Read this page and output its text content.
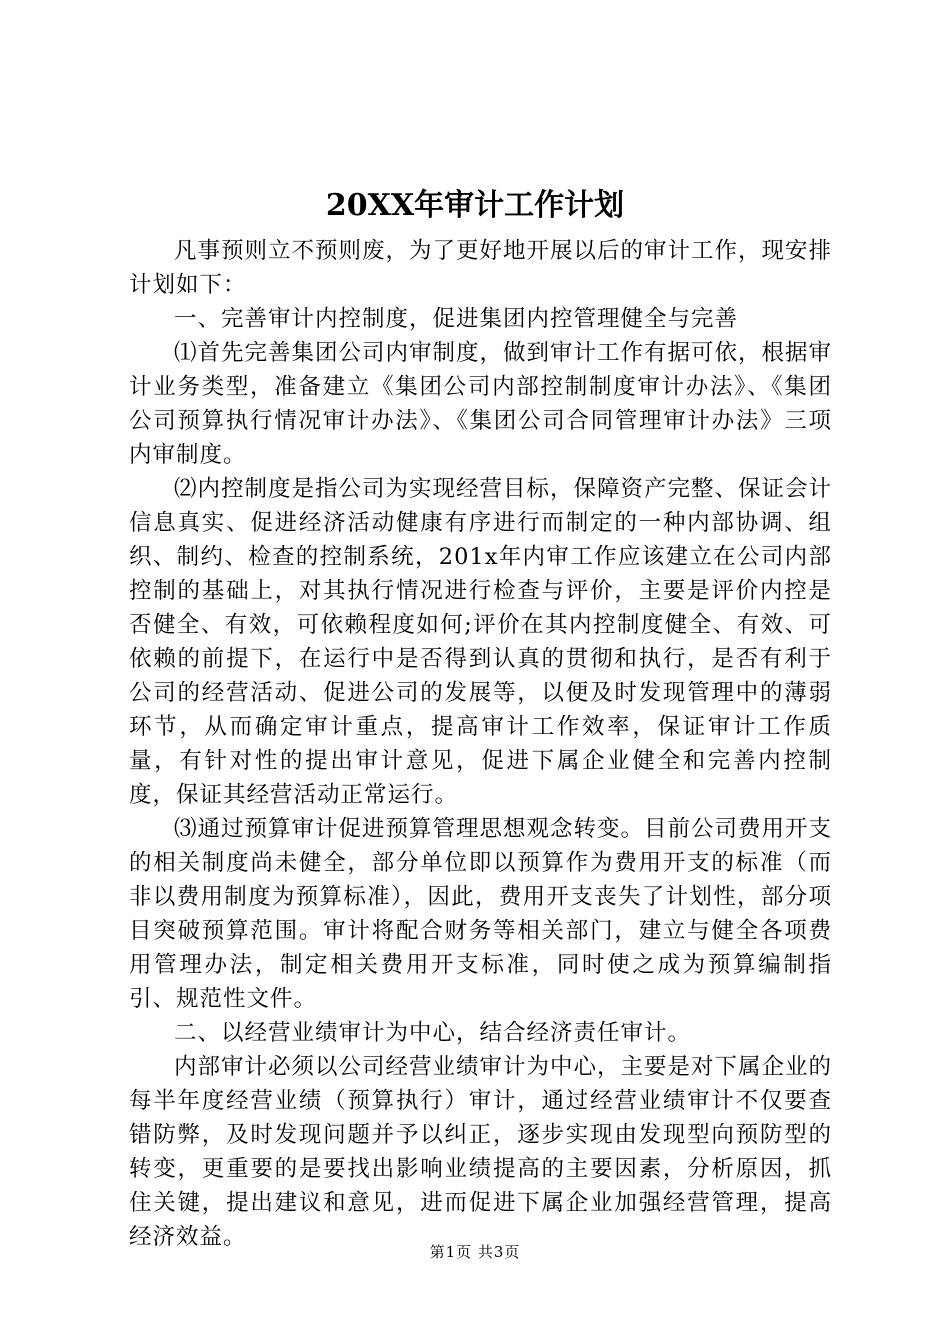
20XX年审计工作计划

凡事预则立不预则废，为了更好地开展以后的审计工作，现安排计划如下：

一、完善审计内控制度，促进集团内控管理健全与完善

⑴首先完善集团公司内审制度，做到审计工作有据可依，根据审计业务类型，准备建立《集团公司内部控制制度审计办法》、《集团公司预算执行情况审计办法》、《集团公司合同管理审计办法》三项内审制度。

⑵内控制度是指公司为实现经营目标，保障资产完整、保证会计信息真实、促进经济活动健康有序进行而制定的一种内部协调、组织、制约、检查的控制系统，201x年内审工作应该建立在公司内部控制的基础上，对其执行情况进行检查与评价，主要是评价内控是否健全、有效，可依赖程度如何;评价在其内控制度健全、有效、可依赖的前提下，在运行中是否得到认真的贯彻和执行，是否有利于公司的经营活动、促进公司的发展等，以便及时发现管理中的薄弱环节，从而确定审计重点，提高审计工作效率，保证审计工作质量，有针对性的提出审计意见，促进下属企业健全和完善内控制度，保证其经营活动正常运行。

⑶通过预算审计促进预算管理思想观念转变。目前公司费用开支的相关制度尚未健全，部分单位即以预算作为费用开支的标准（而非以费用制度为预算标准），因此，费用开支丧失了计划性，部分项目突破预算范围。审计将配合财务等相关部门，建立与健全各项费用管理办法，制定相关费用开支标准，同时使之成为预算编制指引、规范性文件。

二、以经营业绩审计为中心，结合经济责任审计。

内部审计必须以公司经营业绩审计为中心，主要是对下属企业的每半年度经营业绩（预算执行）审计，通过经营业绩审计不仅要查错防弊，及时发现问题并予以纠正，逐步实现由发现型向预防型的转变，更重要的是要找出影响业绩提高的主要因素，分析原因，抓住关键，提出建议和意见，进而促进下属企业加强经营管理，提高经济效益。

第1页 共3页
